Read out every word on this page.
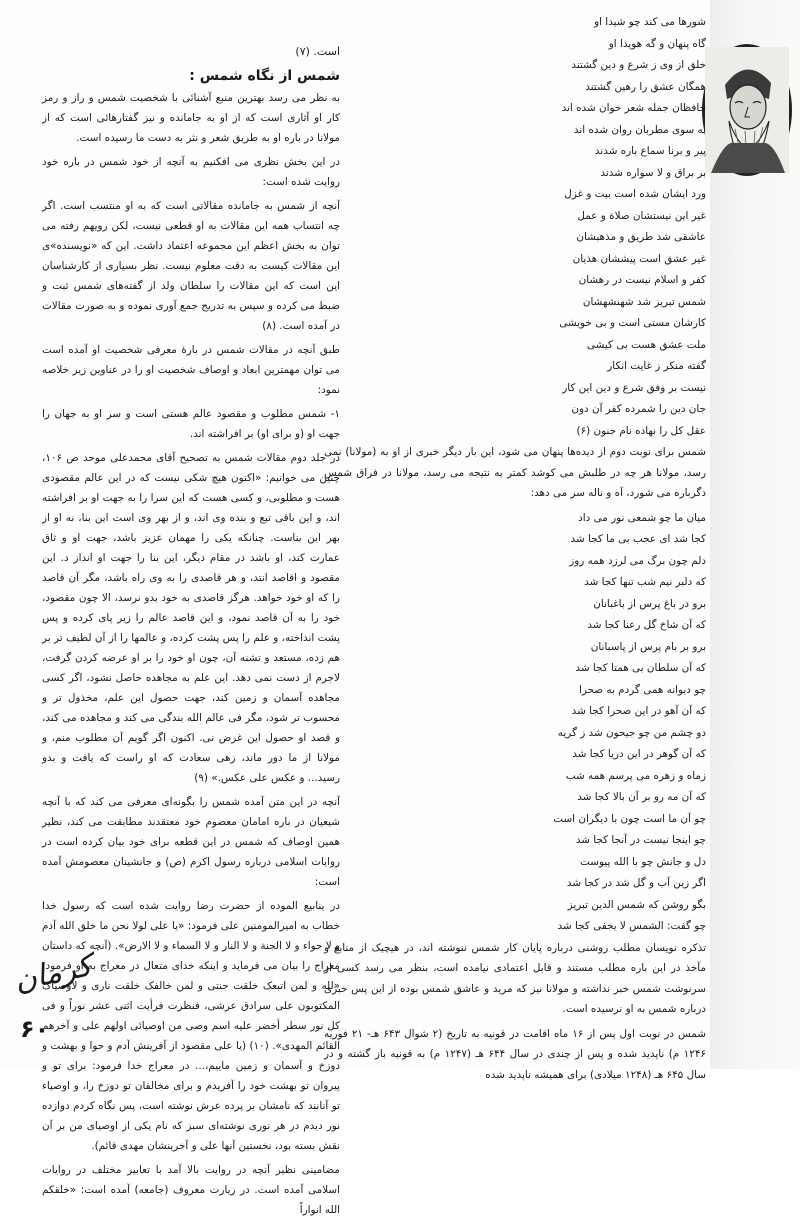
شور‌ها می کند چو شید‌ا او
گاه پنهان و گه هویدا او
خلق از وی ز شرع و دین گشتند
همگان عشق را رهین گشتند
حافظان جمله شعر خوان شده اند
به سوی مطربان روان شده اند
پیر و برنا سماع باره شدند
بر براق و لا سواره شدند
ورد ایشان شده است بیت و غزل
غیر این نیستشان صلاة و عمل
عاشقی شد طریق و مذهبشان
غیر عشق است پیششان هذیان
کفر و اسلام نیست در رهشان
شمس تبریز شد شهنشهشان
کارشان مستی است و بی خویشی
ملت عشق هست بی کیشی
گفته منکر ز غایت انکار
نیست بر وفق شرع و دین این کار
جان دین را شمرده کفر آن دون
عقل کل را نهاده نام جنون (۶)

شمس برای نوبت دوم از دیده‌ها پنهان می شود، این بار دیگر خبری از او به (مولانا) نمی رسد، مولانا هر چه در طلبش می کوشد کمتر به نتیجه می رسد، مولانا در فراق شمس دگرباره می شورد، آه و ناله سر می دهد:

میان ما چو شمعی نور می داد
کجا شد ای عجب بی ما کجا شد
دلم چون برگ می لرزد همه روز
که دلبر نیم شب تنها کجا شد
برو در باغ پرس از باغبانان
که آن شاخ گل رعنا کجا شد
برو بر بام پرس از پاسبانان
که آن سلطان بی همتا کجا شد
چو دیوانه همی گردم به صحرا
که آن آهو در این صحرا کجا شد
دو چشم من چو جیحون شد ز گریه
که آن گوهر در این دریا کجا شد
زماه و زهره می پرسم همه شب
که آن مه رو بر آن بالا کجا شد
چو آن ما است چون با دیگران است
چو اینجا نیست در آنجا کجا شد
دل و جانش چو با الله پیوست
اگر زین آب و گل شد در کجا شد
بگو روشن که شمس الدین تبریز
چو گفت: الشمس لا یخفی کجا شد

تذکره نویسان مطلب روشنی درباره پایان کار شمس ننوشته اند، در هیچیک از منابع و مآخذ در این باره مطلب مستند و قابل اعتمادی نیامده است، بنظر می رسد کسی از سرنوشت شمس خبر نداشته و مولانا نیز که مرید و عاشق شمس بوده از این پس خبری درباره شمس به او نرسیده است.

شمس در نوبت اول پس از ۱۶ ماه اقامت در قونیه به تاریخ (۲ شوال ۶۴۳ هـ- ۲۱ فوریه ۱۲۴۶ م) ناپدید شده و پس از چندی در سال ۶۴۴ هـ (۱۲۴۷ م) به قونیه باز گشته و در سال ۶۴۵ هـ (۱۲۴۸ میلادی) برای همیشه ناپدید شده

است. (۷)

شمس از نگاه شمس :

به نظر می رسد بهترین منبع آشنائی با شخصیت شمس و راز و رمز کار او آثاری است که از او به جامانده و نیز گفتارهائی است که از مولانا در باره او به طریق شعر و نثر به دست ما رسیده است.

در این بخش نظری می افکنیم به آنچه از خود شمس در باره خود روایت شده است:

آنچه از شمس به جامانده مقالاتی است که به او منتسب است. اگر چه انتساب همه این مقالات به او قطعی نیست، لکن رویهم رفته می توان به بخش اعظم این مجموعه اعتماد داشت. این که «نویسنده»ی این مقالات کیست به دقت معلوم نیست. نظر بسیاری از کارشناسان این است که این مقالات را سلطان ولد از گفته‌های شمس ثبت و ضبط می کرده و سپس به تدریج جمع آوری نموده و به صورت مقالات در آمده است. (۸)

طبق آنچه در مقالات شمس در بارهٔ معرفی شخصیت او آمده است می توان مهمترین ابعاد و اوصاف شخصیت او را در عناوین زیر خلاصه نمود:

۱- شمس مطلوب و مقصود عالم هستی است و سر او به جهان را جهت او (و برای او) بر افراشته اند.

در جلد دوم مقالات شمس به تصحیح آقای محمدعلی موحد ص ۱۰۶، چنین می خوانیم: «اکنون هیچ شکی نیست که در این عالم مقصودی هست و مطلوبی، و کسی هست که این سرا را به جهت او بر افراشته اند، و این باقی تبع و بنده وی اند، و از بهر وی است این بنا، نه او از بهر این بناست. چنانکه یکی را مهمان عزیز باشد، جهت او و ثاق عمارت کند، او باشد در مقام دیگر، این بنا را جهت او انداز د. این مقصود و اقاصد انتد، و هر قاصدی را به وی راه باشد، مگر آن قاصد را که او خود خواهد. هرگز قاصدی به خود بدو نرسد، الا چون مقصود، خود را به آن قاصد نمود، و این قاصد عالم را زیر پای کرده و پس پشت انداخته، و علم را پس پشت کرده، و عالمها را از آن لطیف تر بر هم زده، مستعد و تشنه آن، چون او خود را بر او عرضه کردن گرفت، لاجرم از دست نمی دهد. این علم به مجاهده حاصل نشود، اگر کسی مجاهده آسمان و زمین کند، جهت حصول این علم، مخذول تر و محسوب تر شود، مگر فی عالم الله بندگی می کند و مجاهده می کند، و قصد او حصول این غرض نی. اکنون اگر گویم آن مطلوب منم، و مولانا از ما دور ماند، زهی سعادت که او راست که یافت و بدو رسید... و عکس علی عکس.» (۹)

آنچه در این متن آمده شمس را بگونه‌ای معرفی می کند که با آنچه شیعیان در باره امامان معصوم خود معتقدند مطابقت می کند، نظیر همین اوصاف که شمس در این قطعه برای خود بیان کرده است در روایات اسلامی درباره رسول اکرم (ص) و جانشینان معصومش آمده است:

در ینابیع الموده از حضرت رضا روایت شده است که رسول خدا خطاب به امیرالمومنین علی فرمود: «یا علی لولا نحن ما خلق الله آدم و لا حواء و لا الجنة و لا النار و لا السماء و لا الارض». (آنچه که داستان معراج را بیان می فرماید و اینکه خدای متعال در معراج به او فرمود: «لله و لمن اتبعک خلقت جنتی و لمن خالفک خلقت ناری و لاوصیاک المکتوبون علی سرادق عرشی، فنظرت فرأیت اثنی عشر نوراً و فی کل نور سطر أخضر علیه اسم وصی من اوصیائی اولهم علی و آخرهم القائم المهدی». (۱۰) (یا علی مقصود از آفرینش آدم و حوا و بهشت و دوزخ و آسمان و زمین ماییم،... در معراج خدا فرمود: برای تو و پیروان تو بهشت خود را آفریدم و برای مخالفان تو دوزخ را، و اوصیاء تو آنانند که نامشان بر پرده عرش نوشته است، پس نگاه کردم دوازده نور دیدم در هر نوری نوشته‌ای سبز که نام یکی از اوصیای من بر آن نقش بسته بود، نخستین آنها علی و آخرینشان مهدی قائم).

مضامینی نظیر آنچه در روایت بالا آمد با تعابیر مختلف در روایات اسلامی آمده است. در زیارت معروف (جامعه) آمده است: «خلقکم الله انواراً

کرمان
۶۰
